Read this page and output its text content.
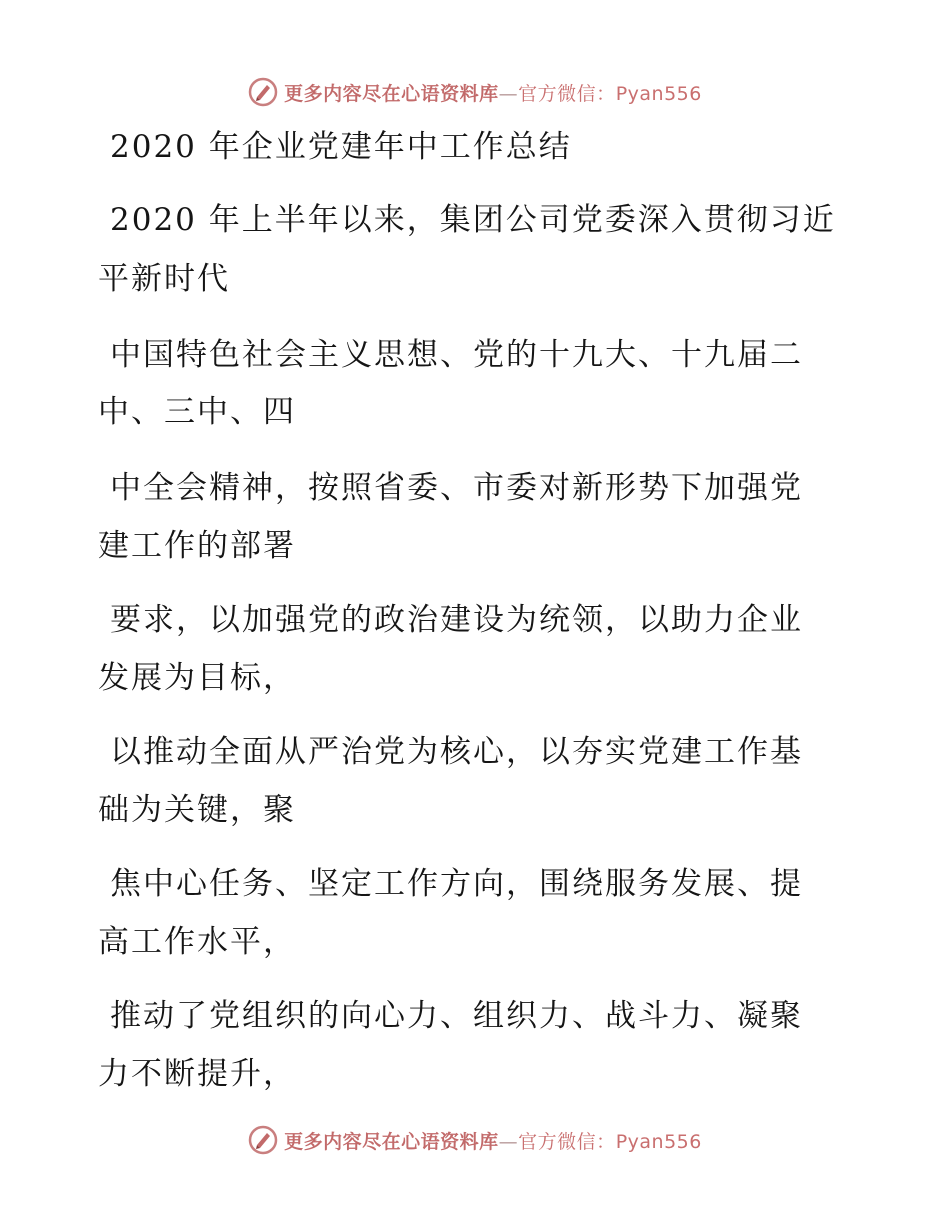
更多内容尽在心语资料库—官方微信：Pyan556
2020 年企业党建年中工作总结
2020 年上半年以来，集团公司党委深入贯彻习近
平新时代
中国特色社会主义思想、党的十九大、十九届二
中、三中、四
中全会精神，按照省委、市委对新形势下加强党
建工作的部署
要求，以加强党的政治建设为统领，以助力企业
发展为目标，
以推动全面从严治党为核心，以夯实党建工作基
础为关键，聚
焦中心任务、坚定工作方向，围绕服务发展、提
高工作水平，
推动了党组织的向心力、组织力、战斗力、凝聚
力不断提升，
更多内容尽在心语资料库—官方微信：Pyan556
